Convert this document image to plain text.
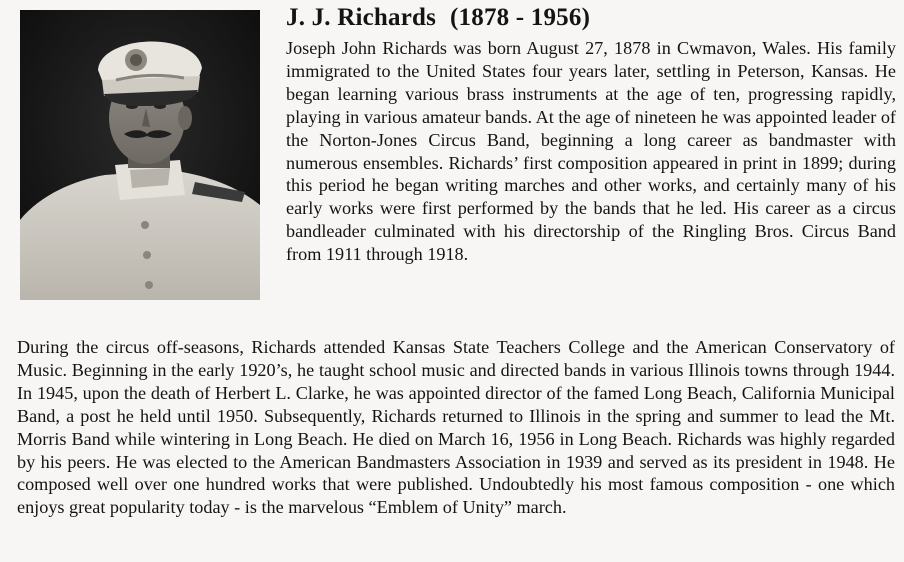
J. J. Richards (1878 - 1956)
Joseph John Richards was born August 27, 1878 in Cwmavon, Wales. His family immigrated to the United States four years later, settling in Peterson, Kansas. He began learning various brass instruments at the age of ten, progressing rapidly, playing in various amateur bands. At the age of nineteen he was appointed leader of the Norton-Jones Circus Band, beginning a long career as bandmaster with numerous ensembles. Richards’ first composition appeared in print in 1899; during this period he began writing marches and other works, and certainly many of his early works were first performed by the bands that he led. His career as a circus bandleader culminated with his directorship of the Ringling Bros. Circus Band from 1911 through 1918.
During the circus off-seasons, Richards attended Kansas State Teachers College and the American Conservatory of Music. Beginning in the early 1920’s, he taught school music and directed bands in various Illinois towns through 1944. In 1945, upon the death of Herbert L. Clarke, he was appointed director of the famed Long Beach, California Municipal Band, a post he held until 1950. Subsequently, Richards returned to Illinois in the spring and summer to lead the Mt. Morris Band while wintering in Long Beach. He died on March 16, 1956 in Long Beach. Richards was highly regarded by his peers. He was elected to the American Bandmasters Association in 1939 and served as its president in 1948. He composed well over one hundred works that were published. Undoubtedly his most famous composition - one which enjoys great popularity today - is the marvelous “Emblem of Unity” march.
